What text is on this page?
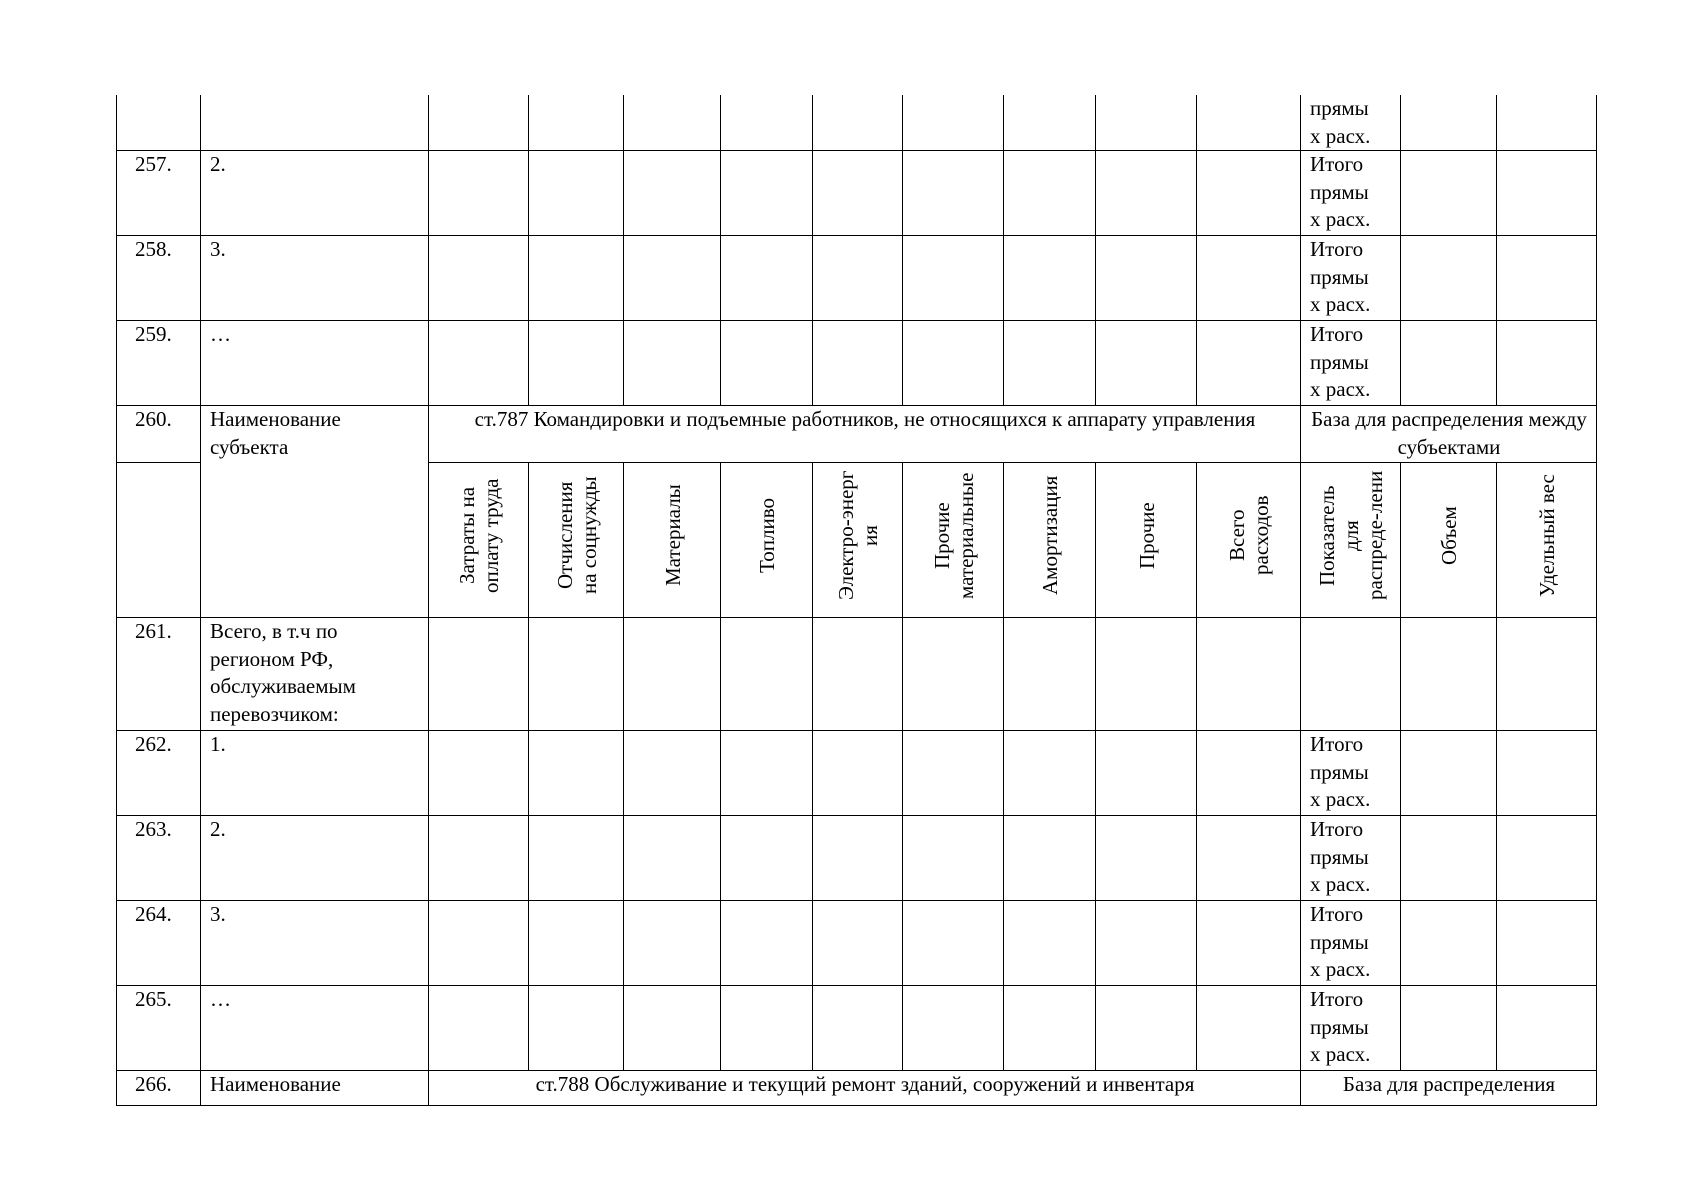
											прямы
х расх.		
257.	2.										Итого
прямы
х расх.		
258.	3.										Итого
прямы
х расх.		
259.	…										Итого
прямы
х расх.		
260.	Наименование
субъекта	ст.787 Командировки и подъемные работников, не относящихся к аппарату управления									База для распределения между субъектами		

		Затраты на
оплату труда	Отчисления
на соцнужды	Материалы	Топливо	Электро-энерг
ия	Прочие
материальные	Амортизация	Прочие	Всего
расходов	Показатель
для
распреде-лени	Объем	Удельный вес

261.	Всего, в т.ч по
регионом РФ,
обслуживаемым
перевозчиком:												
262.	1.										Итого
прямы
х расх.		
263.	2.										Итого
прямы
х расх.		
264.	3.										Итого
прямы
х расх.		
265.	…										Итого
прямы
х расх.		
266.	Наименование	ст.788 Обслуживание и текущий ремонт зданий, сооружений и инвентаря									База для распределения		
